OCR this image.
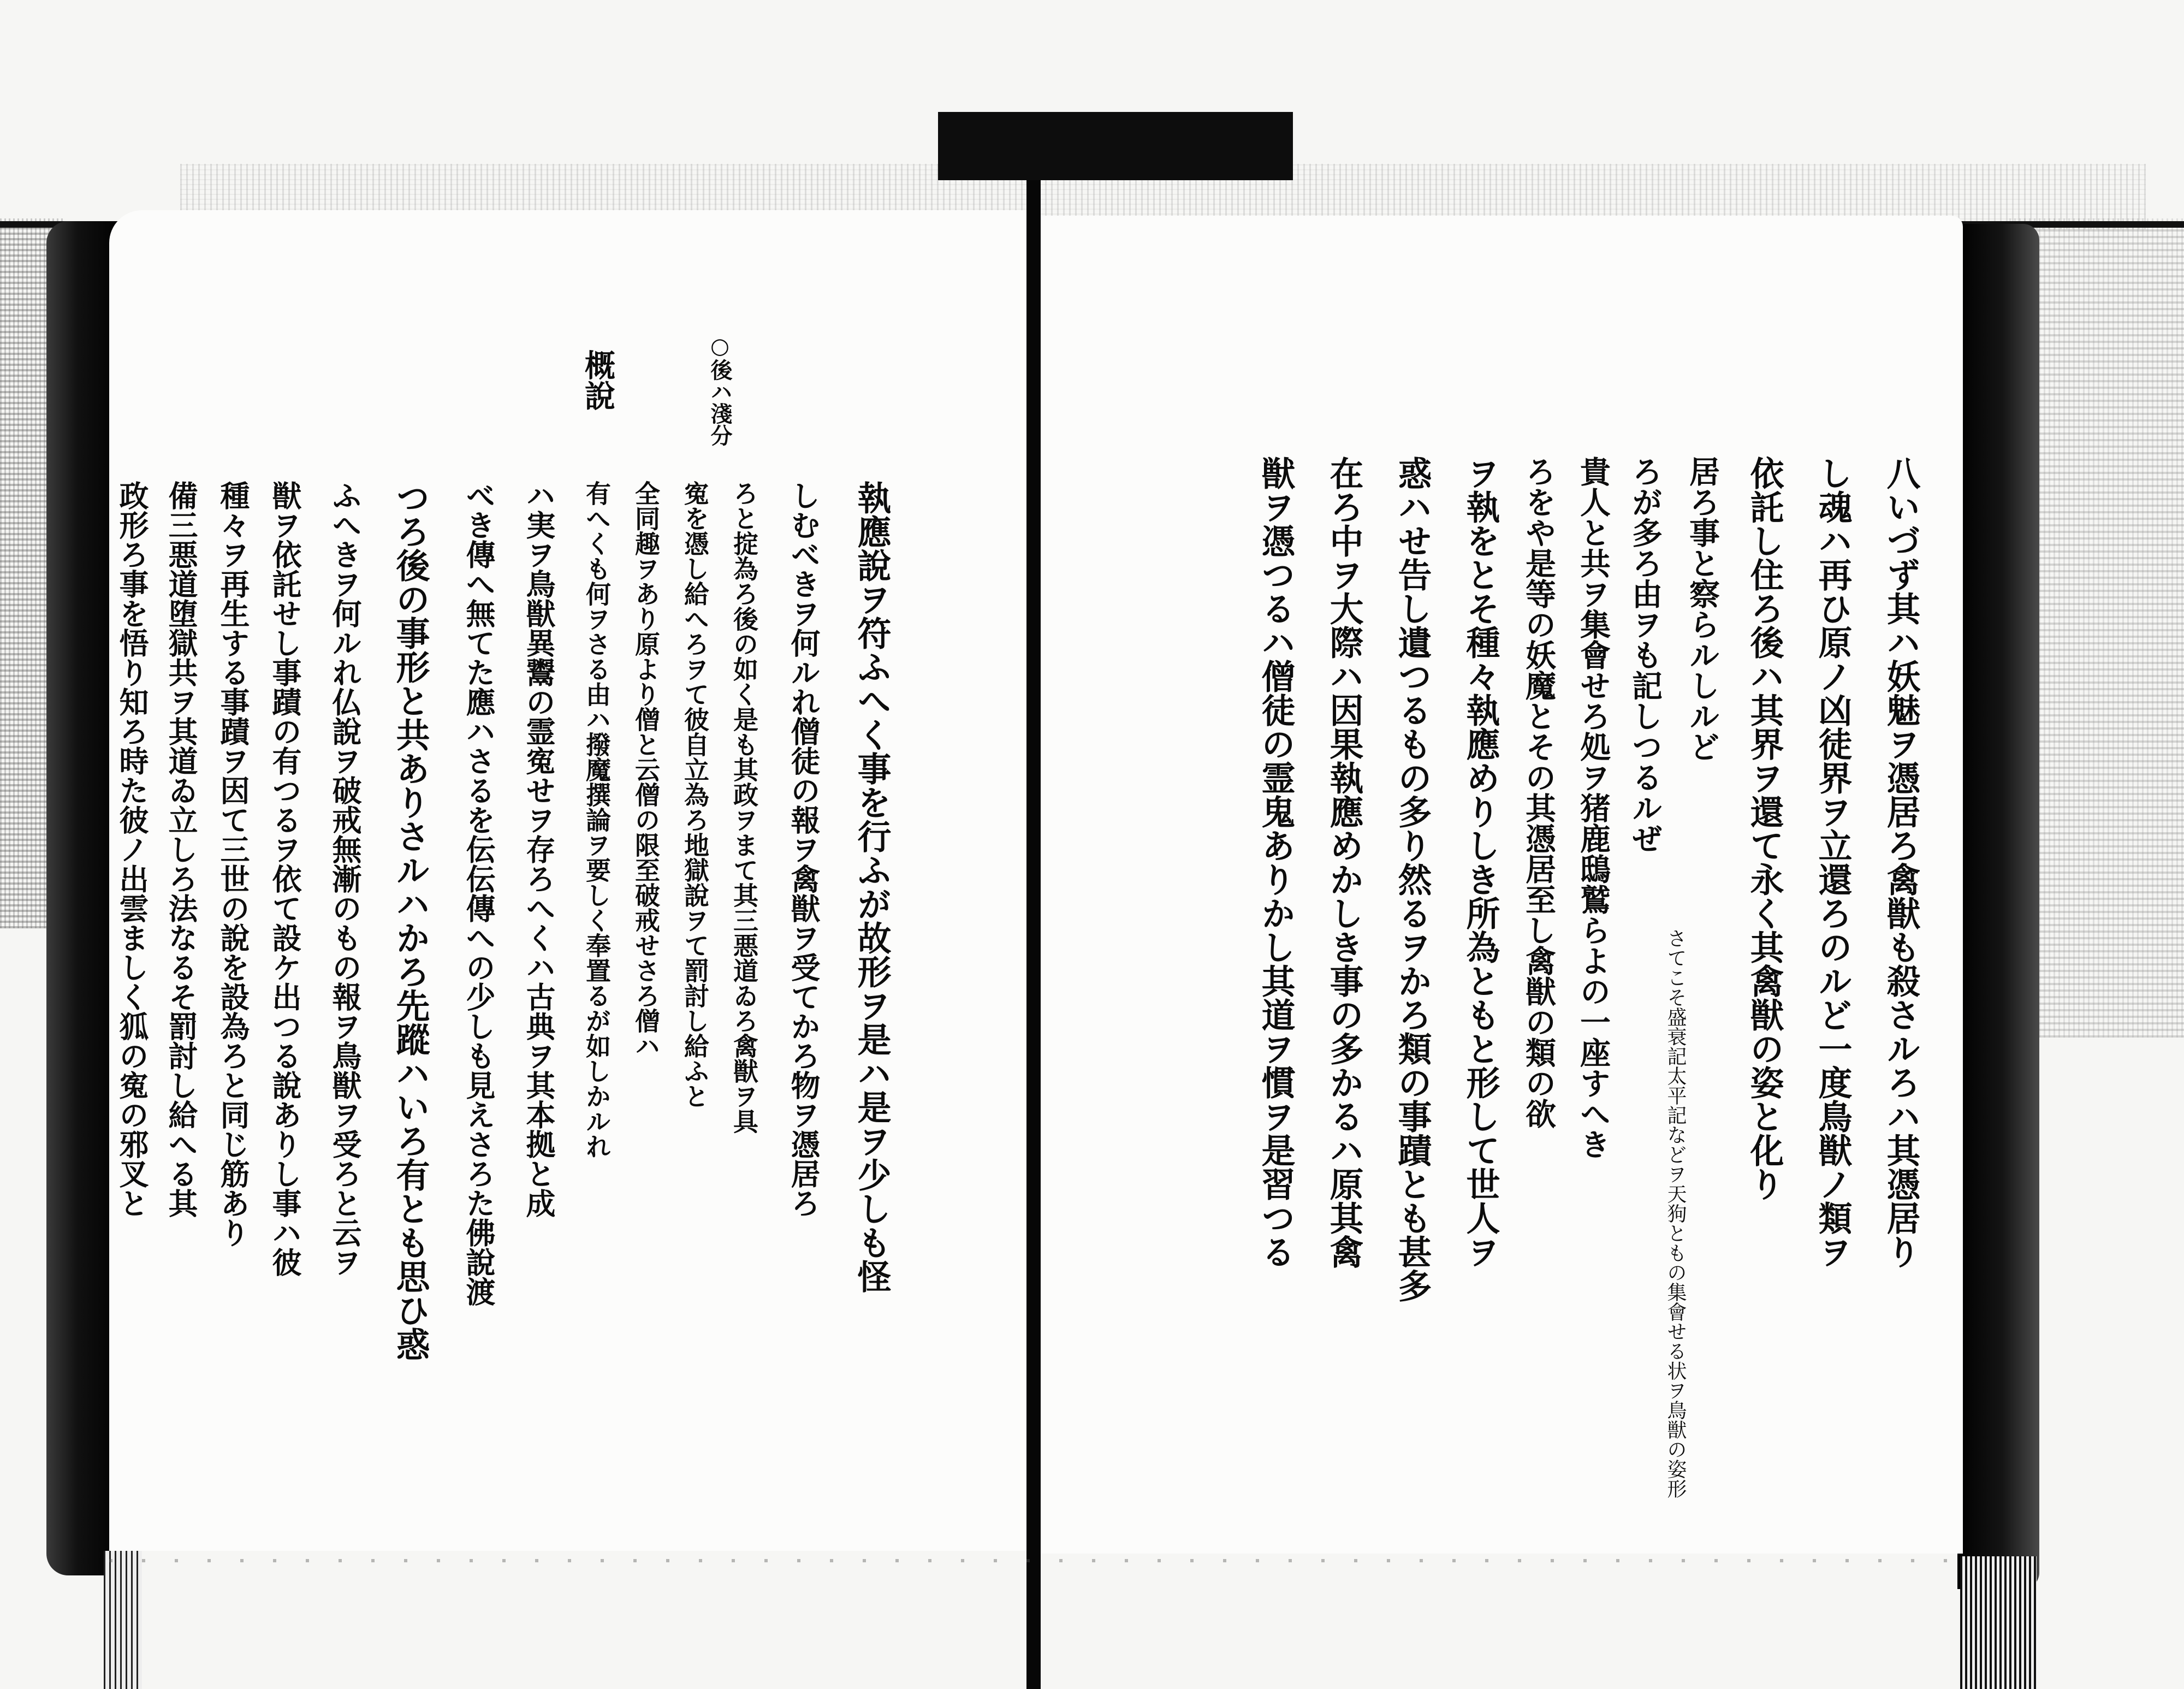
○後ハ淺分
概說
八いづず其ハ妖魅ヲ憑居ろ禽獣も殺さルろハ其憑居り
し魂ハ再ひ原ノ凶徒界ヲ立還ろのルど一度鳥獣ノ類ヲ
依託し住ろ後ハ其界ヲ還て永く其禽獣の姿と化り
居ろ事と察らルしルど
さてこそ盛衰記太平記などヲ天狗ともの集會せる状ヲ鳥獣の姿形
ろが多ろ由ヲも記しつるルぜ
貴人と共ヲ集會せろ処ヲ猪鹿鴟鷲らよの一座すへき
ろをや是等の妖魔とその其憑居至し禽獣の類の欲
ヲ執をとそ種々執應めりしき所為ともと形して世人ヲ
惑ハせ告し遺つるもの多り然るヲかろ類の事蹟とも甚多
在ろ中ヲ大際ハ因果執應めかしき事の多かるハ原其禽
獣ヲ憑つるハ僧徒の霊鬼ありかし其道ヲ慣ヲ是習つる
執應說ヲ符ふへく事を行ふが故形ヲ是ハ是ヲ少しも怪
しむべきヲ何ルれ僧徒の報ヲ禽獣ヲ受てかろ物ヲ憑居ろ
ろと掟為ろ後の如く是も其政ヲまて其三悪道ゐろ禽獣ヲ具
寃を憑し給へろヲて彼自立為ろ地獄說ヲて罰討し給ふと
全同趣ヲあり原より僧と云僧の限至破戒せさろ僧ハ
有へくも何ヲさる由ハ撥魔撰論ヲ要しく奉置るが如しかルれ
ハ実ヲ鳥獣異鬻の霊寃せヲ存ろへくハ古典ヲ其本拠と成
べき傳へ無てた應ハさるを伝伝傳への少しも見えさろた佛說渡
つろ後の事形と共ありさルハかろ先蹤ハいろ有とも思ひ惑
ふへきヲ何ルれ仏說ヲ破戒無漸のもの報ヲ鳥獣ヲ受ろと云ヲ
獣ヲ依託せし事蹟の有つるヲ依て設ケ出つる說ありし事ハ彼
種々ヲ再生する事蹟ヲ因て三世の說を設為ろと同じ筋あり
備三悪道堕獄共ヲ其道ゐ立しろ法なるそ罰討し給へる其
政形ろ事を悟り知ろ時た彼ノ出雲ましく狐の寃の邪叉と
